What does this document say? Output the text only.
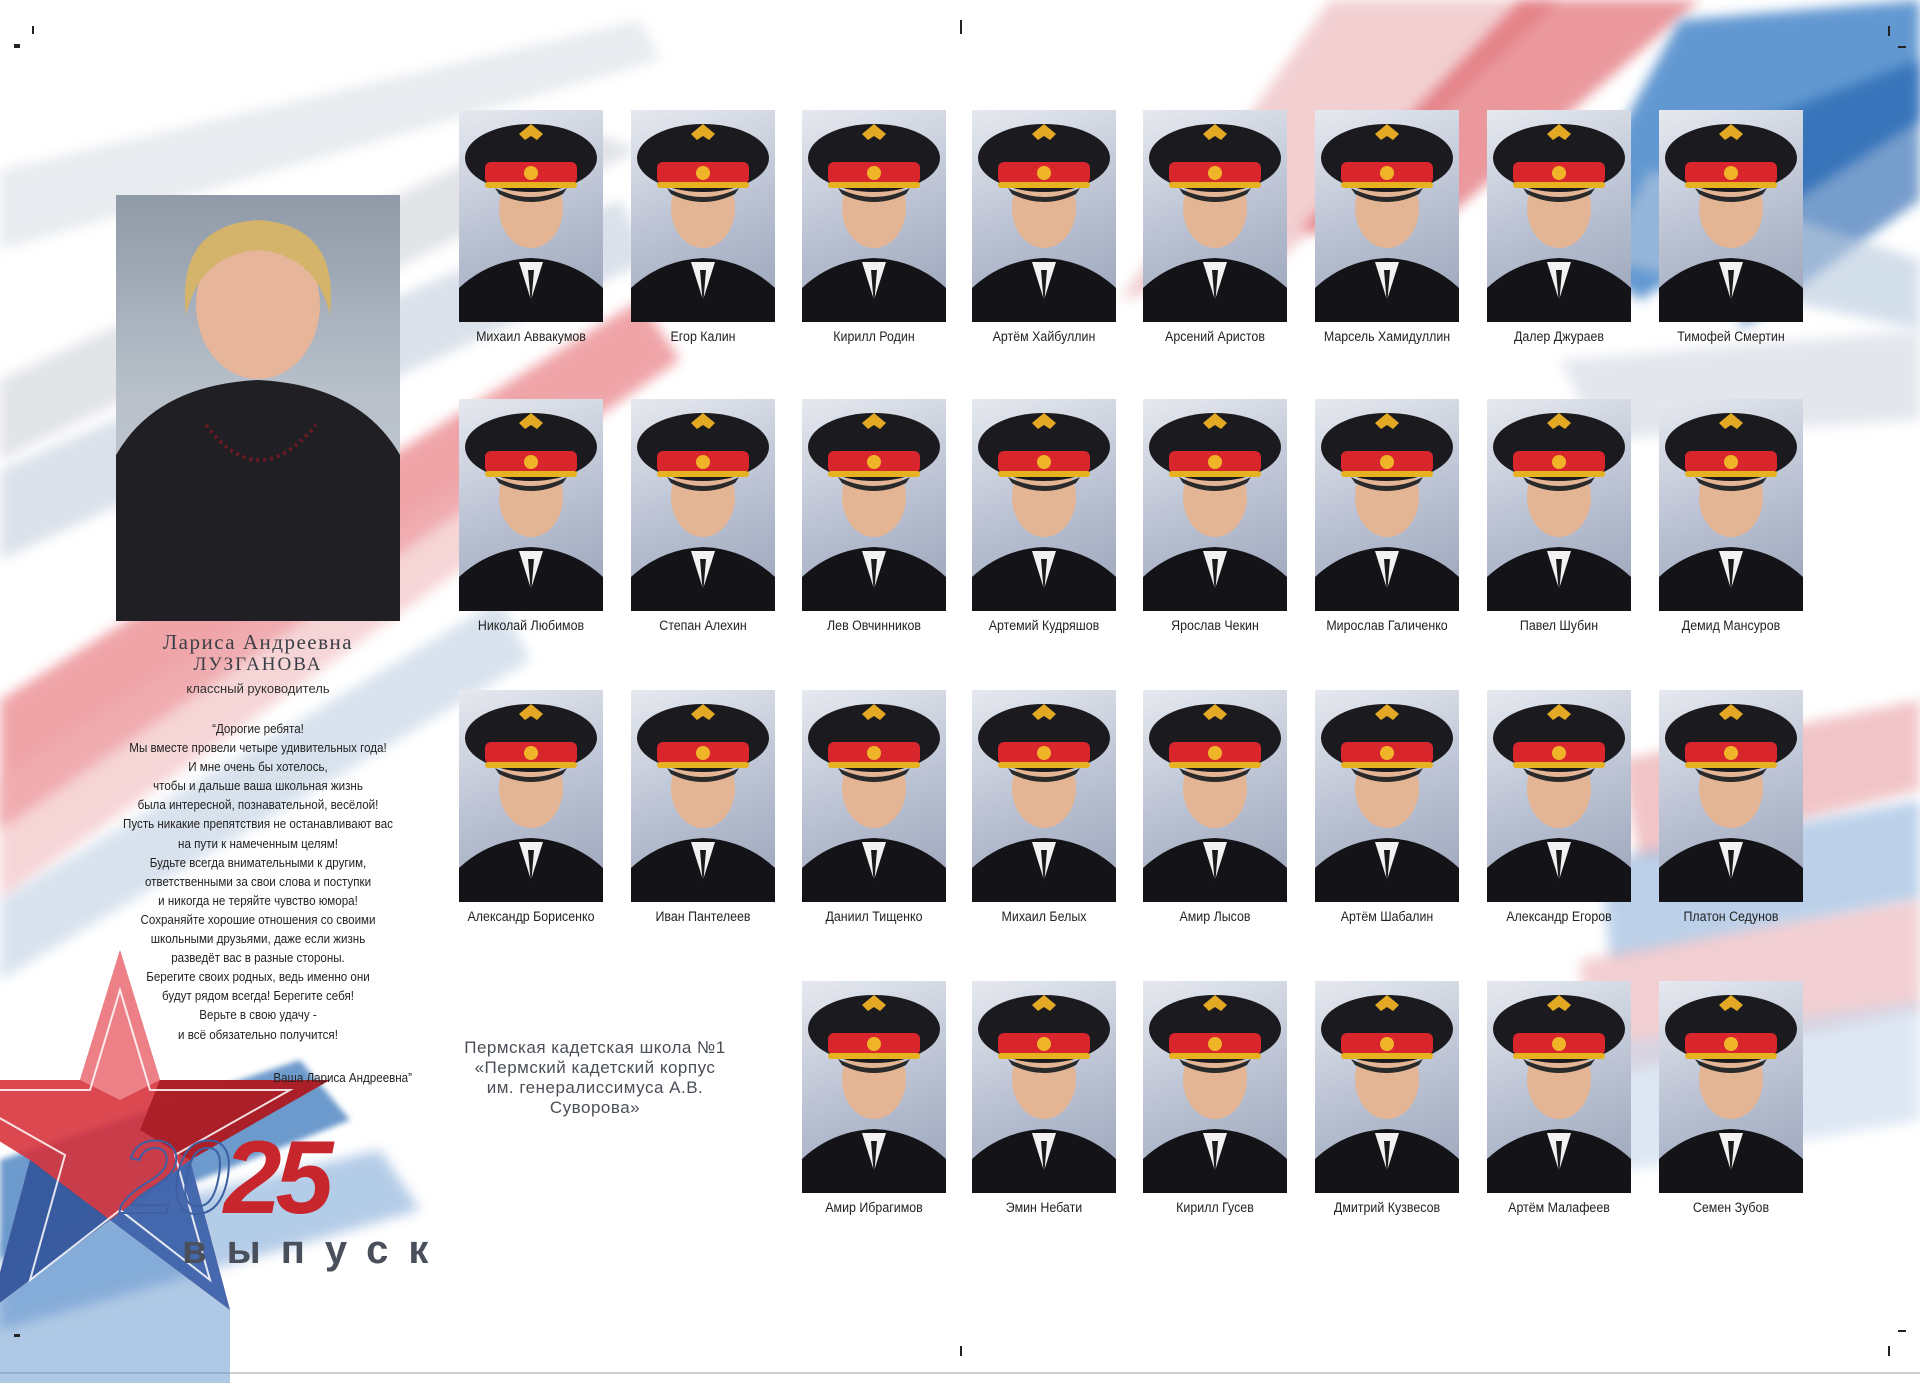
Лариса Андреевна
ЛУЗГАНОВА
классный руководитель
“Дорогие ребята!
Мы вместе провели четыре удивительных года!
И мне очень бы хотелось,
чтобы и дальше ваша школьная жизнь
была интересной, познавательной, весёлой!
Пусть никакие препятствия не останавливают вас
на пути к намеченным целям!
Будьте всегда внимательными к другим,
ответственными за свои слова и поступки
и никогда не теряйте чувство юмора!
Сохраняйте хорошие отношения со своими
школьными друзьями, даже если жизнь
разведёт вас в разные стороны.
Берегите своих родных, ведь именно они
будут рядом всегда! Берегите себя!
Верьте в свою удачу -
и всё обязательно получится!
Ваша Лариса Андреевна”
Пермская кадетская школа №1
«Пермский кадетский корпус
им. генералиссимуса А.В. Суворова»
2025
выпуск
Михаил Аввакумов	Егор Калин	Кирилл Родин	Артём Хайбуллин	Арсений Аристов	Марсель Хамидуллин	Далер Джураев	Тимофей Смертин
Николай Любимов	Степан Алехин	Лев Овчинников	Артемий Кудряшов	Ярослав Чекин	Мирослав Галиченко	Павел Шубин	Демид Мансуров
Александр Борисенко	Иван Пантелеев	Даниил Тищенко	Михаил Белых	Амир Лысов	Артём Шабалин	Александр Егоров	Платон Седунов
Амир Ибрагимов	Эмин Небати	Кирилл Гусев	Дмитрий Кузвесов	Артём Малафеев	Семен Зубов
